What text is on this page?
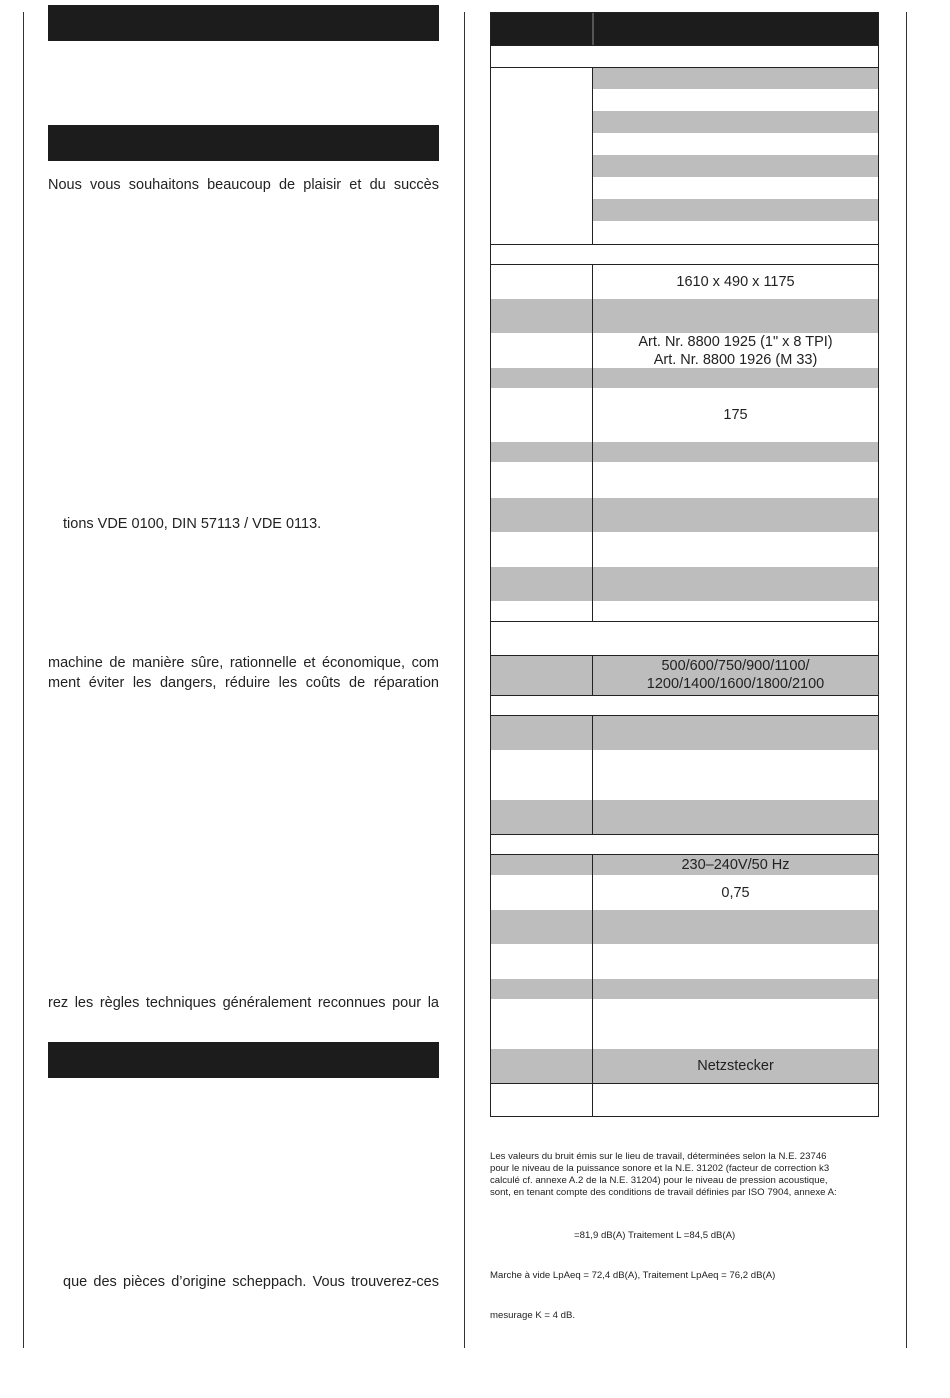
Nous vous souhaitons beaucoup de plaisir et du succès
tions VDE 0100, DIN 57113 / VDE 0113.
machine de manière sûre, rationnelle et économique, com
ment éviter les dangers, réduire les coûts de réparation
rez les règles techniques généralement reconnues pour la
que des pièces d’origine scheppach. Vous trouverez-ces
1610 x 490 x 1175
Art. Nr. 8800 1925 (1" x 8 TPI)
Art. Nr. 8800 1926 (M 33)
175
500/600/750/900/1100/
1200/1400/1600/1800/2100
230–240V/50 Hz
0,75
Netzstecker
Les valeurs du bruit émis sur le lieu de travail, déterminées selon la N.E. 23746
pour le niveau de la puissance sonore et la N.E. 31202 (facteur de correction k3
calculé cf. annexe A.2 de la N.E. 31204) pour le niveau de pression acoustique,
sont, en tenant compte des conditions de travail définies par ISO 7904, annexe A:
=81,9 dB(A) Traitement L =84,5 dB(A)
Marche à vide LpAeq = 72,4 dB(A), Traitement LpAeq = 76,2 dB(A)
mesurage K = 4 dB.
